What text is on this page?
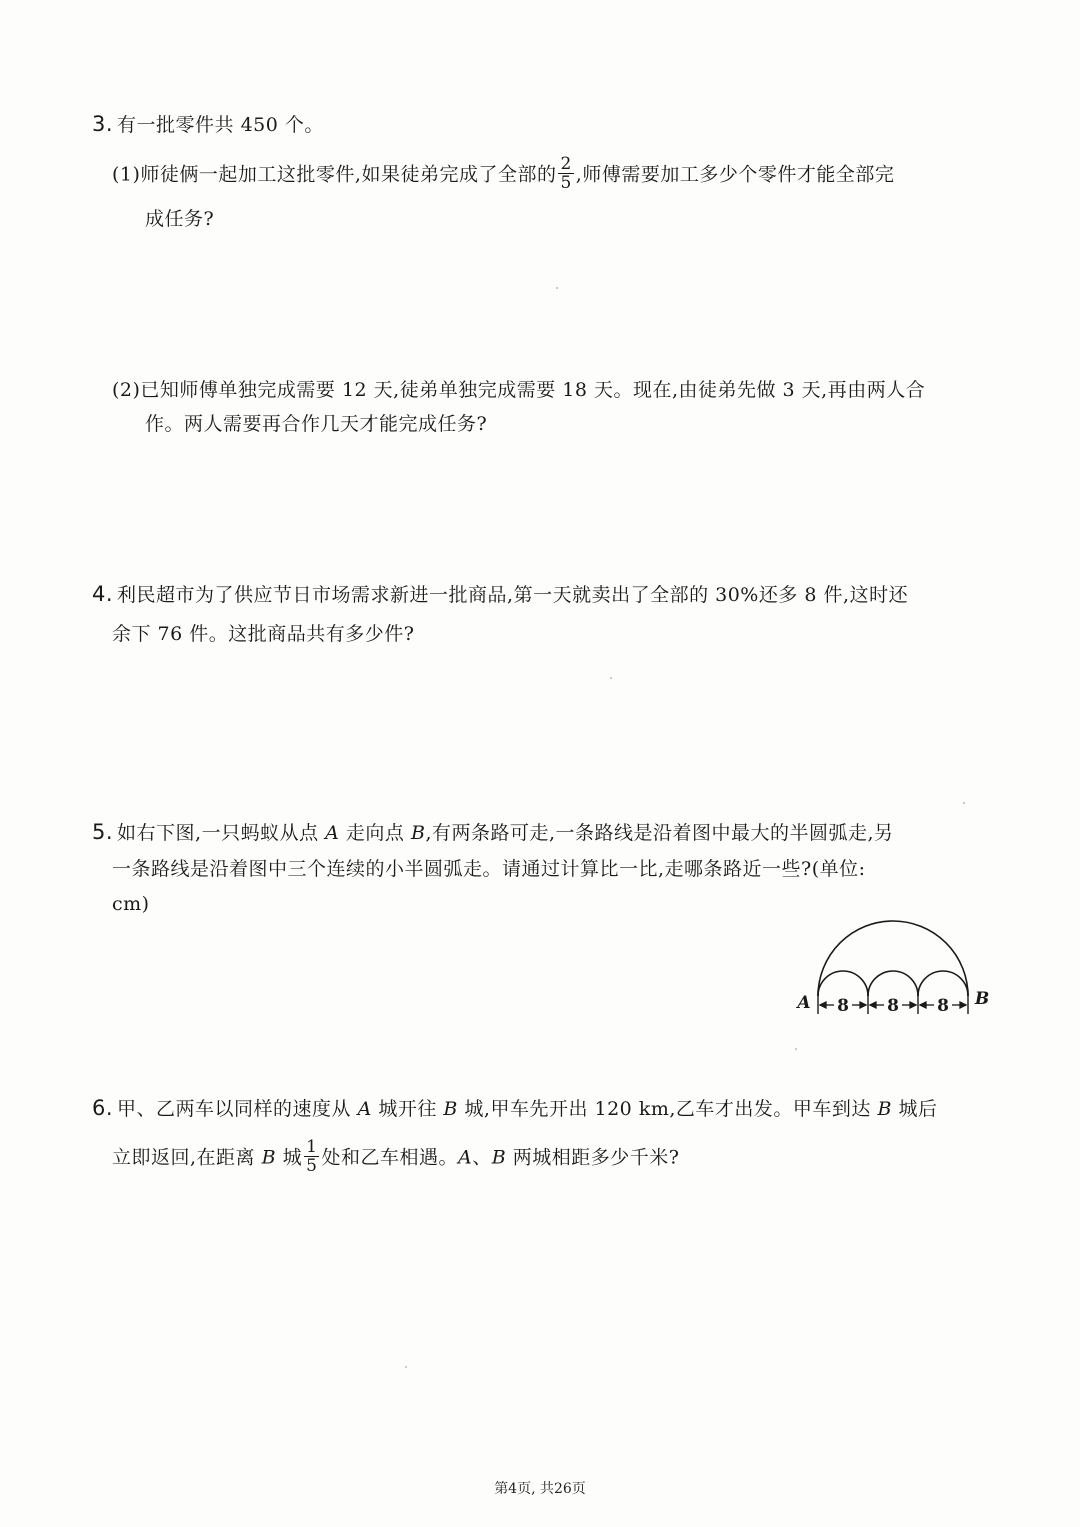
3. 有一批零件共 450 个。
(1)师徒俩一起加工这批零件,如果徒弟完成了全部的 $\frac{2}{5}$ ,师傅需要加工多少个零件才能全部完
成任务?
(2)已知师傅单独完成需要 12 天,徒弟单独完成需要 18 天。现在,由徒弟先做 3 天,再由两人合
作。两人需要再合作几天才能完成任务?
4. 利民超市为了供应节日市场需求新进一批商品,第一天就卖出了全部的 30%还多 8 件,这时还
余下 76 件。这批商品共有多少件?
5. 如右下图,一只蚂蚁从点 A 走向点 B,有两条路可走,一条路线是沿着图中最大的半圆弧走,另
一条路线是沿着图中三个连续的小半圆弧走。请通过计算比一比,走哪条路近一些?(单位:
cm)
8 8 8
A	B
6. 甲、乙两车以同样的速度从 A 城开往 B 城,甲车先开出 120 km,乙车才出发。甲车到达 B 城后
立即返回,在距离 B 城 $\frac{1}{5}$ 处和乙车相遇。A、B 两城相距多少千米?
第4页, 共26页
